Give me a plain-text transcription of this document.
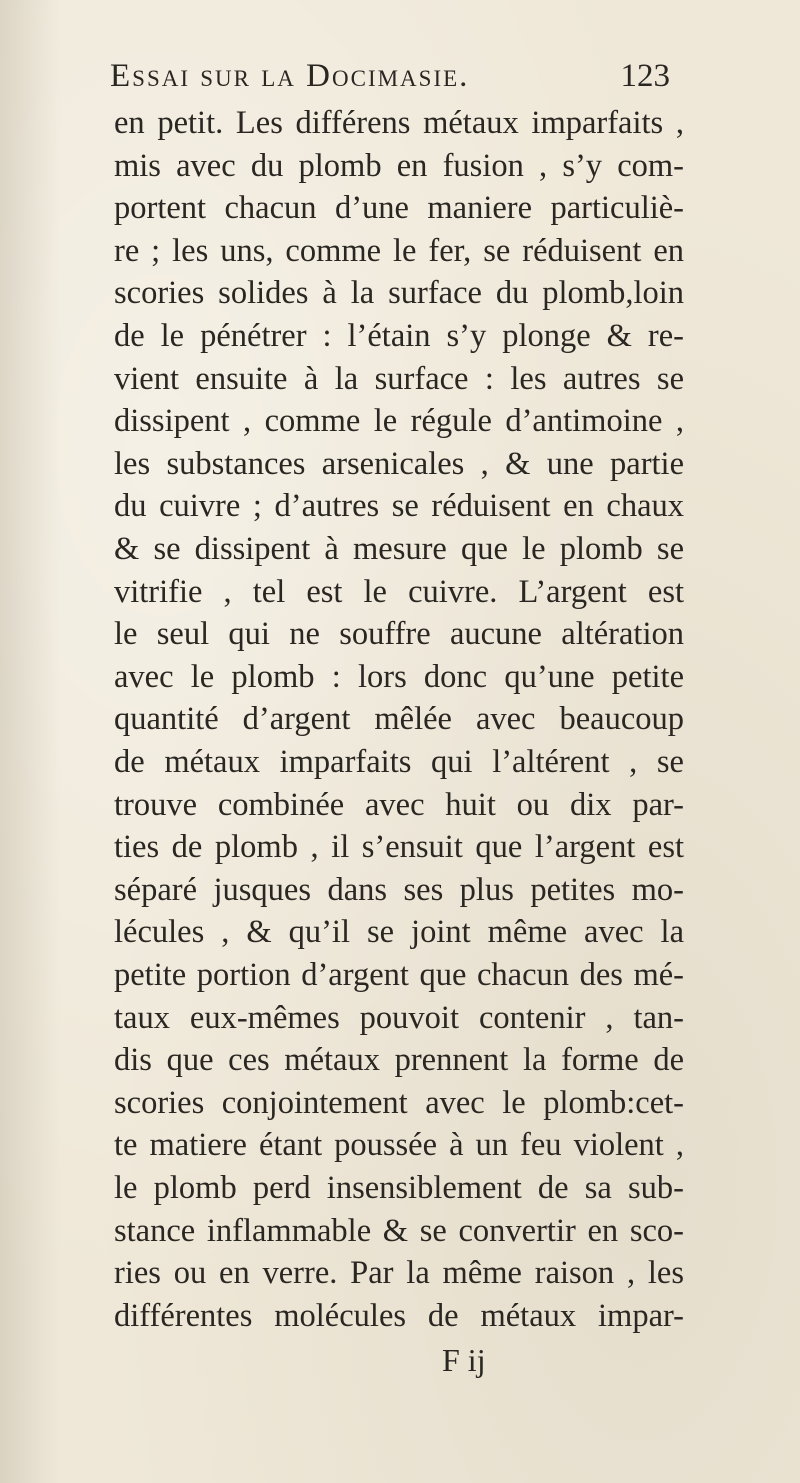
Essai sur la Docimasie.	123
en petit. Les différens métaux imparfaits ,
mis avec du plomb en fusion , s’y com-
portent chacun d’une maniere particuliè-
re ; les uns, comme le fer, se réduisent en
scories solides à la surface du plomb,loin
de le pénétrer : l’étain s’y plonge & re-
vient ensuite à la surface : les autres se
dissipent , comme le régule d’antimoine ,
les substances arsenicales , & une partie
du cuivre ; d’autres se réduisent en chaux
& se dissipent à mesure que le plomb se
vitrifie , tel est le cuivre. L’argent est
le seul qui ne souffre aucune altération
avec le plomb : lors donc qu’une petite
quantité d’argent mêlée avec beaucoup
de métaux imparfaits qui l’altérent , se
trouve combinée avec huit ou dix par-
ties de plomb , il s’ensuit que l’argent est
séparé jusques dans ses plus petites mo-
lécules , & qu’il se joint même avec la
petite portion d’argent que chacun des mé-
taux eux-mêmes pouvoit contenir , tan-
dis que ces métaux prennent la forme de
scories conjointement avec le plomb:cet-
te matiere étant poussée à un feu violent ,
le plomb perd insensiblement de sa sub-
stance inflammable & se convertir en sco-
ries ou en verre. Par la même raison , les
différentes molécules de métaux impar-
F ij
